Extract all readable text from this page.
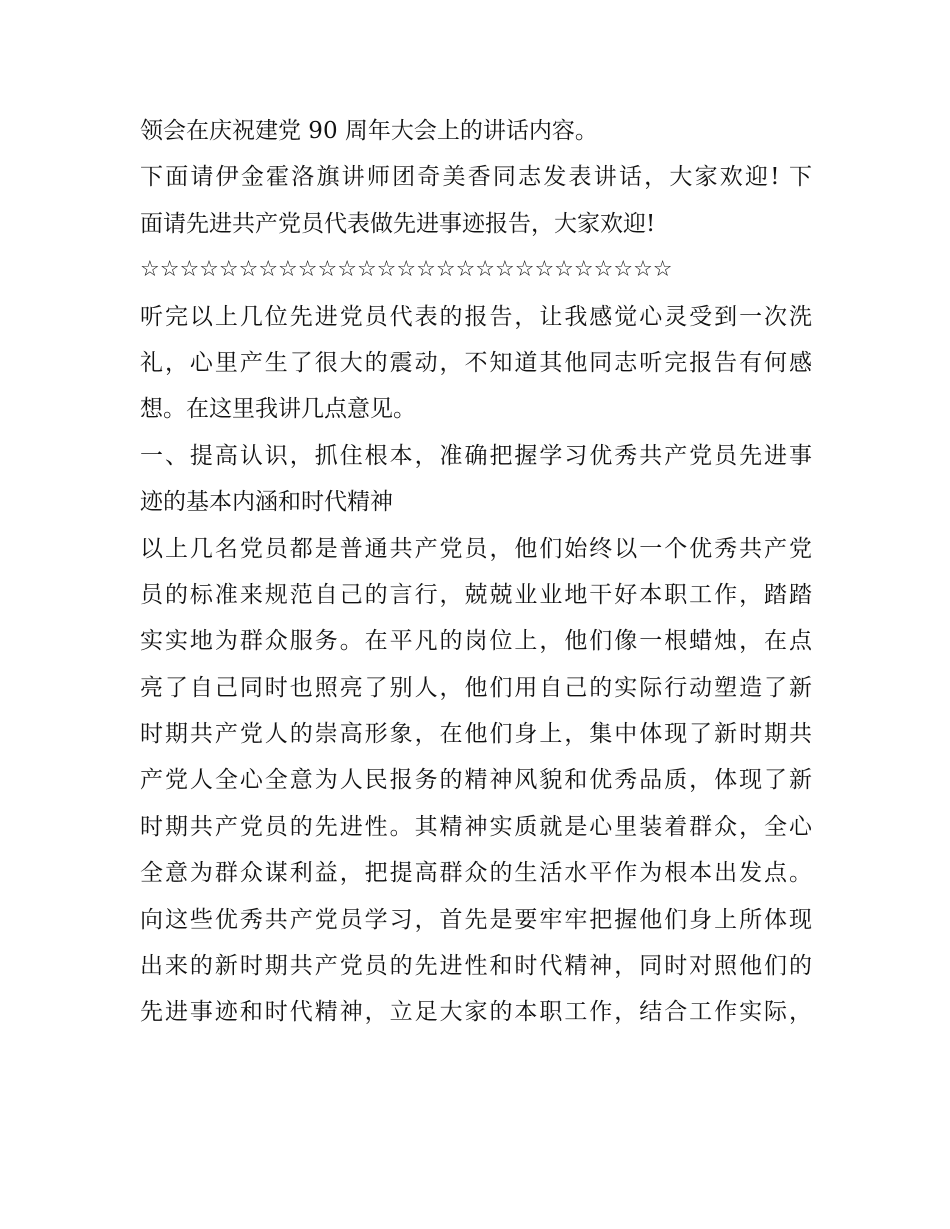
领会在庆祝建党 90 周年大会上的讲话内容。
下面请伊金霍洛旗讲师团奇美香同志发表讲话，大家欢迎! 下
面请先进共产党员代表做先进事迹报告，大家欢迎!
☆☆☆☆☆☆☆☆☆☆☆☆☆☆☆☆☆☆☆☆☆☆☆☆☆☆☆
听完以上几位先进党员代表的报告，让我感觉心灵受到一次洗
礼，心里产生了很大的震动，不知道其他同志听完报告有何感
想。在这里我讲几点意见。
一、提高认识，抓住根本，准确把握学习优秀共产党员先进事
迹的基本内涵和时代精神
以上几名党员都是普通共产党员，他们始终以一个优秀共产党
员的标准来规范自己的言行，兢兢业业地干好本职工作，踏踏
实实地为群众服务。在平凡的岗位上，他们像一根蜡烛，在点
亮了自己同时也照亮了别人，他们用自己的实际行动塑造了新
时期共产党人的崇高形象，在他们身上，集中体现了新时期共
产党人全心全意为人民报务的精神风貌和优秀品质，体现了新
时期共产党员的先进性。其精神实质就是心里装着群众，全心
全意为群众谋利益，把提高群众的生活水平作为根本出发点。
向这些优秀共产党员学习，首先是要牢牢把握他们身上所体现
出来的新时期共产党员的先进性和时代精神，同时对照他们的
先进事迹和时代精神，立足大家的本职工作，结合工作实际，
